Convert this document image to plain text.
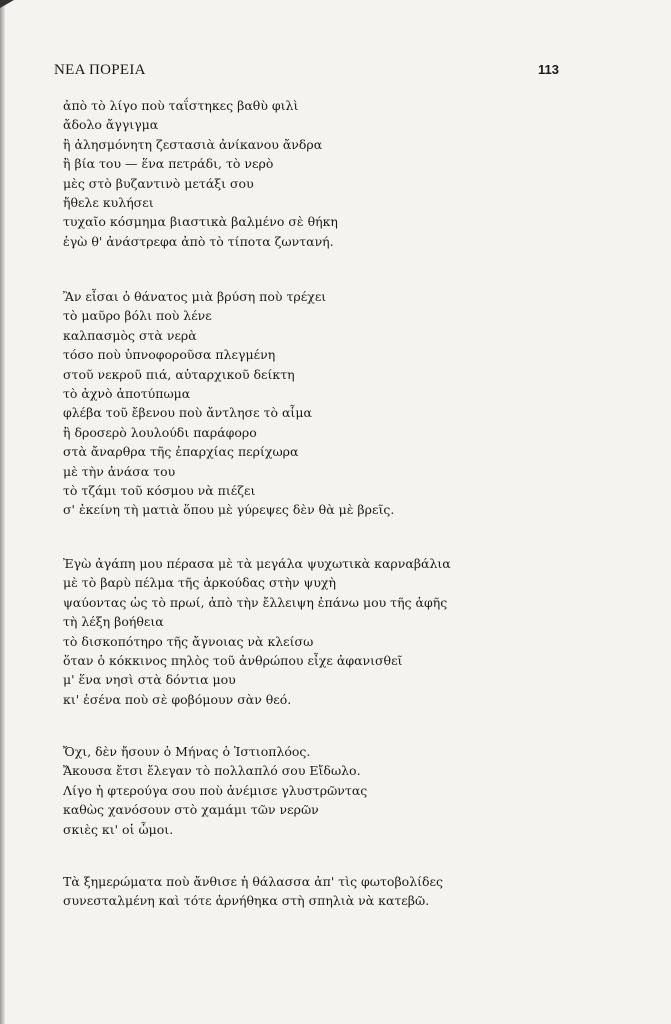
ΝΕΑ ΠΟΡΕΙΑ	113
ἀπὸ τὸ λίγο ποὺ ταΐστηκες βαθὺ φιλὶ
ἄδολο ἄγγιγμα
ἢ ἀλησμόνητη ζεστασιὰ ἀνίκανου ἄνδρα
ἢ βία του — ἕνα πετράδι, τὸ νερὸ
μὲς στὸ βυζαντινὸ μετάξι σου
ἤθελε κυλήσει
τυχαῖο κόσμημα βιαστικὰ βαλμένο σὲ θήκη
ἐγὼ θ' ἀνάστρεφα ἀπὸ τὸ τίποτα ζωντανή.
Ἂν εἶσαι ὁ θάνατος μιὰ βρύση ποὺ τρέχει
τὸ μαῦρο βόλι ποὺ λένε
καλπασμὸς στὰ νερὰ
τόσο ποὺ ὑπνοφοροῦσα πλεγμένη
στοῦ νεκροῦ πιά, αὐταρχικοῦ δείκτη
τὸ ἀχνὸ ἀποτύπωμα
φλέβα τοῦ ἔβενου ποὺ ἄντλησε τὸ αἷμα
ἢ δροσερὸ λουλούδι παράφορο
στὰ ἄναρθρα τῆς ἐπαρχίας περίχωρα
μὲ τὴν ἀνάσα του
τὸ τζάμι τοῦ κόσμου νὰ πιέζει
σ' ἐκείνη τὴ ματιὰ ὅπου μὲ γύρεψες δὲν θὰ μὲ βρεῖς.
Ἐγὼ ἀγάπη μου πέρασα μὲ τὰ μεγάλα ψυχωτικὰ καρναβάλια
μὲ τὸ βαρὺ πέλμα τῆς ἀρκούδας στὴν ψυχὴ
ψαύοντας ὡς τὸ πρωί, ἀπὸ τὴν ἔλλειψη ἐπάνω μου τῆς ἁφῆς
τὴ λέξη βοήθεια
τὸ δισκοπότηρο τῆς ἄγνοιας νὰ κλείσω
ὅταν ὁ κόκκινος πηλὸς τοῦ ἀνθρώπου εἶχε ἀφανισθεῖ
μ' ἕνα νησὶ στὰ δόντια μου
κι' ἐσένα ποὺ σὲ φοβόμουν σὰν θεό.
Ὄχι, δὲν ἤσουν ὁ Μήνας ὁ Ἱστιοπλόος.
Ἄκουσα ἔτσι ἔλεγαν τὸ πολλαπλό σου Εἴδωλο.
Λίγο ἡ φτερούγα σου ποὺ ἀνέμισε γλυστρῶντας
καθὼς χανόσουν στὸ χαμάμι τῶν νερῶν
σκιὲς κι' οἱ ὦμοι.
Τὰ ξημερώματα ποὺ ἄνθισε ἡ θάλασσα ἀπ' τὶς φωτοβολίδες
συνεσταλμένη καὶ τότε ἀρνήθηκα στὴ σπηλιὰ νὰ κατεβῶ.
